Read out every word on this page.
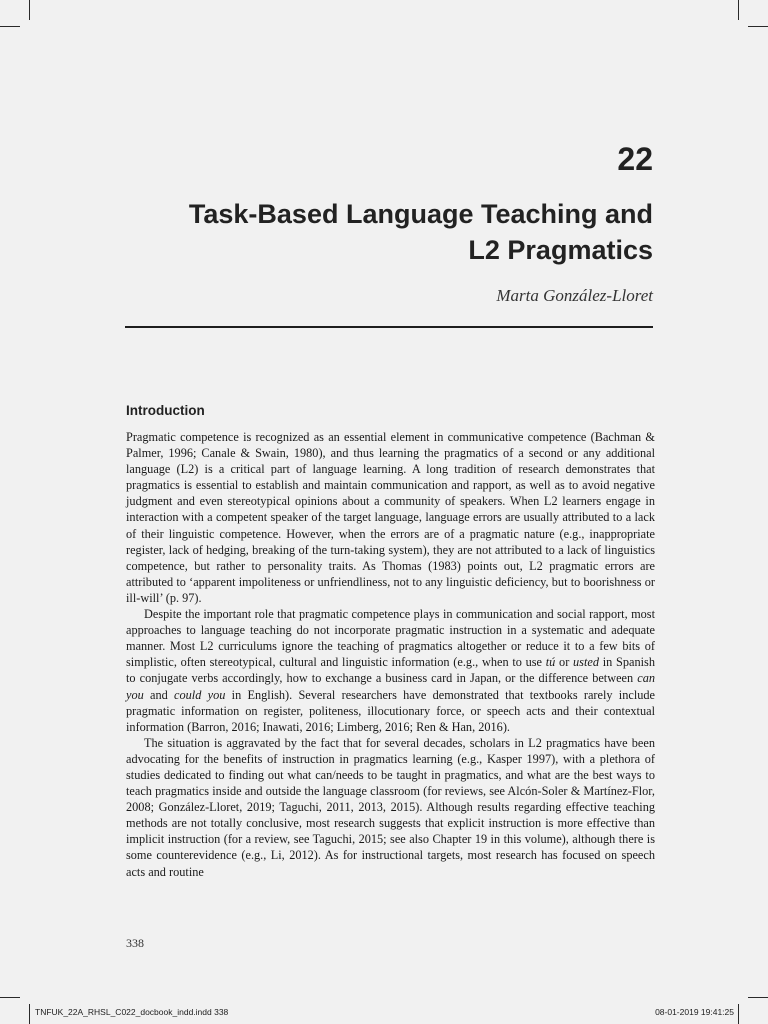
22
Task-Based Language Teaching and
L2 Pragmatics

Marta González-Lloret

Introduction

Pragmatic competence is recognized as an essential element in communicative competence (Bachman & Palmer, 1996; Canale & Swain, 1980), and thus learning the pragmatics of a second or any additional language (L2) is a critical part of language learning. A long tradition of research demonstrates that pragmatics is essential to establish and maintain communication and rapport, as well as to avoid negative judgment and even stereotypical opinions about a community of speakers. When L2 learners engage in interaction with a competent speaker of the target language, language errors are usually attributed to a lack of their linguistic competence. However, when the errors are of a pragmatic nature (e.g., inappropriate register, lack of hedging, breaking of the turn-taking system), they are not attributed to a lack of linguistics competence, but rather to personality traits. As Thomas (1983) points out, L2 pragmatic errors are attributed to ‘apparent impoliteness or unfriendliness, not to any linguistic deficiency, but to boorishness or ill-will’ (p. 97).

Despite the important role that pragmatic competence plays in communication and social rapport, most approaches to language teaching do not incorporate pragmatic instruction in a systematic and adequate manner. Most L2 curriculums ignore the teaching of pragmatics altogether or reduce it to a few bits of simplistic, often stereotypical, cultural and linguistic information (e.g., when to use tú or usted in Spanish to conjugate verbs accordingly, how to exchange a business card in Japan, or the difference between can you and could you in English). Several researchers have demonstrated that textbooks rarely include pragmatic information on register, politeness, illocutionary force, or speech acts and their contextual information (Barron, 2016; Inawati, 2016; Limberg, 2016; Ren & Han, 2016).

The situation is aggravated by the fact that for several decades, scholars in L2 pragmatics have been advocating for the benefits of instruction in pragmatics learning (e.g., Kasper 1997), with a plethora of studies dedicated to finding out what can/needs to be taught in pragmatics, and what are the best ways to teach pragmatics inside and outside the language classroom (for reviews, see Alcón-Soler & Martínez-Flor, 2008; González-Lloret, 2019; Taguchi, 2011, 2013, 2015). Although results regarding effective teaching methods are not totally conclusive, most research suggests that explicit instruction is more effective than implicit instruction (for a review, see Taguchi, 2015; see also Chapter 19 in this volume), although there is some counterevidence (e.g., Li, 2012). As for instructional targets, most research has focused on speech acts and routine

338

TNFUK_22A_RHSL_C022_docbook_indd.indd 338	08-01-2019 19:41:25
